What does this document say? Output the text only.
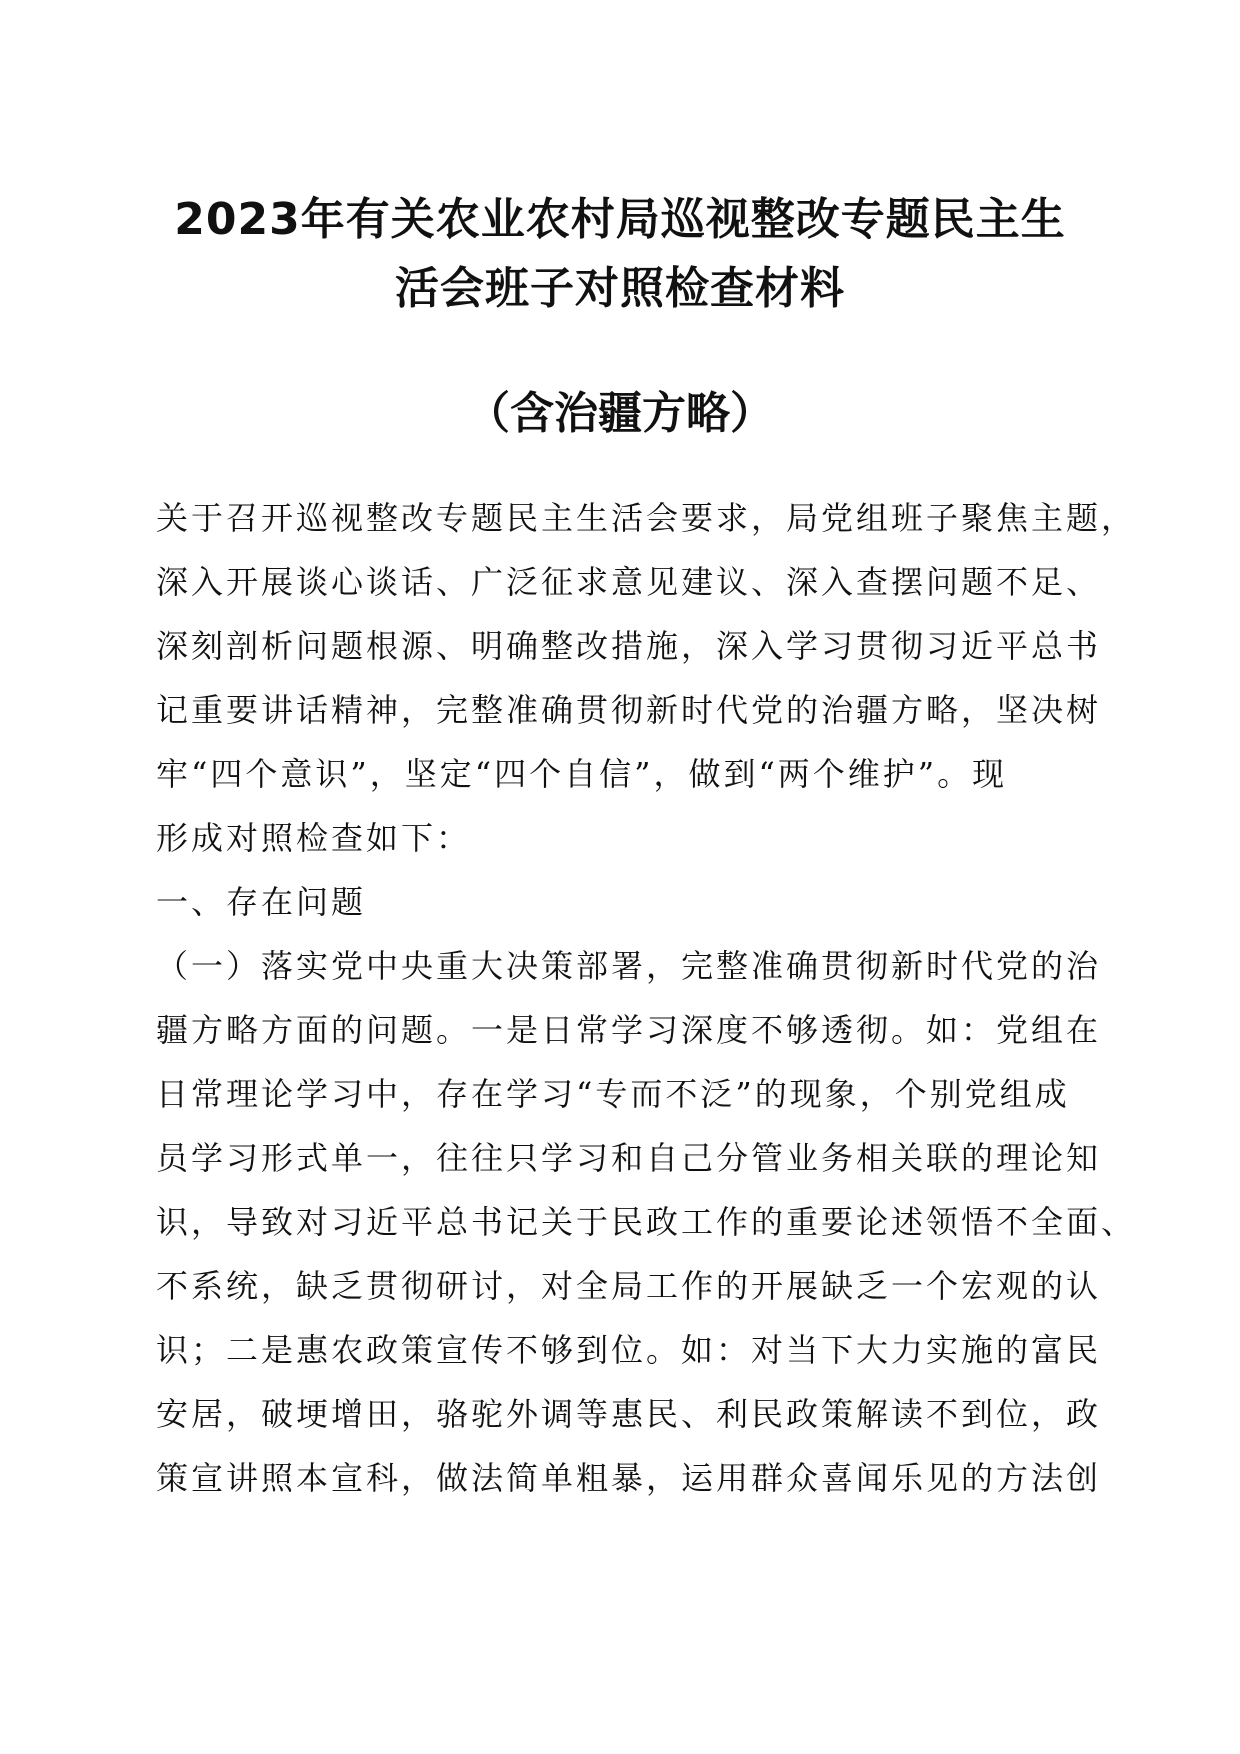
2023年有关农业农村局巡视整改专题民主生
活会班子对照检查材料
（含治疆方略）
关于召开巡视整改专题民主生活会要求，局党组班子聚焦主题，
深入开展谈心谈话、广泛征求意见建议、深入查摆问题不足、
深刻剖析问题根源、明确整改措施，深入学习贯彻习近平总书
记重要讲话精神，完整准确贯彻新时代党的治疆方略，坚决树
牢“四个意识”，坚定“四个自信”，做到“两个维护”。现
形成对照检查如下：
一、存在问题
（一）落实党中央重大决策部署，完整准确贯彻新时代党的治
疆方略方面的问题。一是日常学习深度不够透彻。如：党组在
日常理论学习中，存在学习“专而不泛”的现象，个别党组成
员学习形式单一，往往只学习和自己分管业务相关联的理论知
识，导致对习近平总书记关于民政工作的重要论述领悟不全面、
不系统，缺乏贯彻研讨，对全局工作的开展缺乏一个宏观的认
识；二是惠农政策宣传不够到位。如：对当下大力实施的富民
安居，破埂增田，骆驼外调等惠民、利民政策解读不到位，政
策宣讲照本宣科，做法简单粗暴，运用群众喜闻乐见的方法创
